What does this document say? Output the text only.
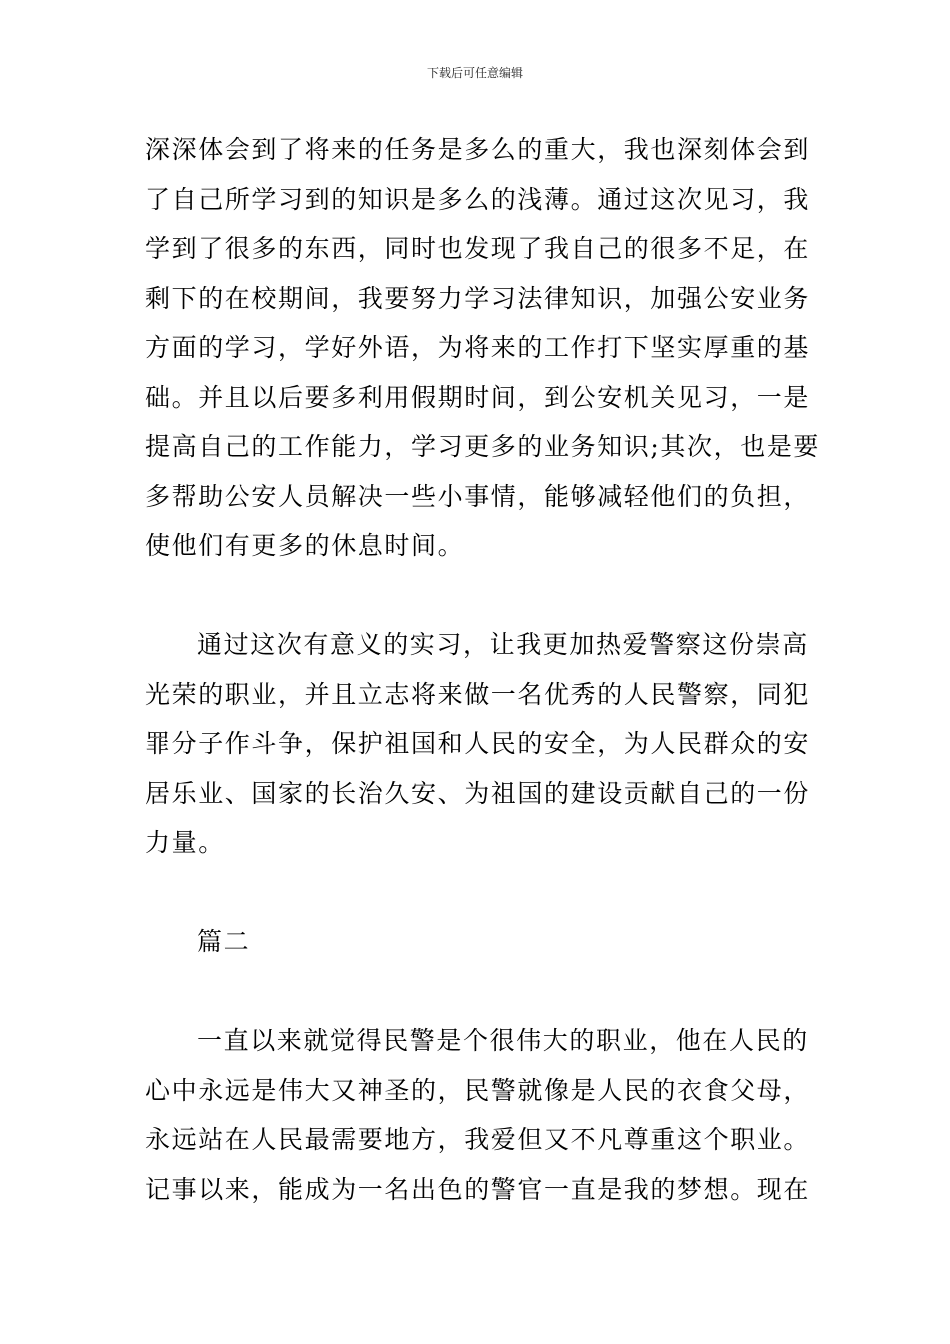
下载后可任意编辑
深深体会到了将来的任务是多么的重大，我也深刻体会到
了自己所学习到的知识是多么的浅薄。通过这次见习，我
学到了很多的东西，同时也发现了我自己的很多不足，在
剩下的在校期间，我要努力学习法律知识，加强公安业务
方面的学习，学好外语，为将来的工作打下坚实厚重的基
础。并且以后要多利用假期时间，到公安机关见习，一是
提高自己的工作能力，学习更多的业务知识;其次，也是要
多帮助公安人员解决一些小事情，能够减轻他们的负担，
使他们有更多的休息时间。
通过这次有意义的实习，让我更加热爱警察这份崇高
光荣的职业，并且立志将来做一名优秀的人民警察，同犯
罪分子作斗争，保护祖国和人民的安全，为人民群众的安
居乐业、国家的长治久安、为祖国的建设贡献自己的一份
力量。
篇二
一直以来就觉得民警是个很伟大的职业，他在人民的
心中永远是伟大又神圣的，民警就像是人民的衣食父母，
永远站在人民最需要地方，我爱但又不凡尊重这个职业。
记事以来，能成为一名出色的警官一直是我的梦想。现在
